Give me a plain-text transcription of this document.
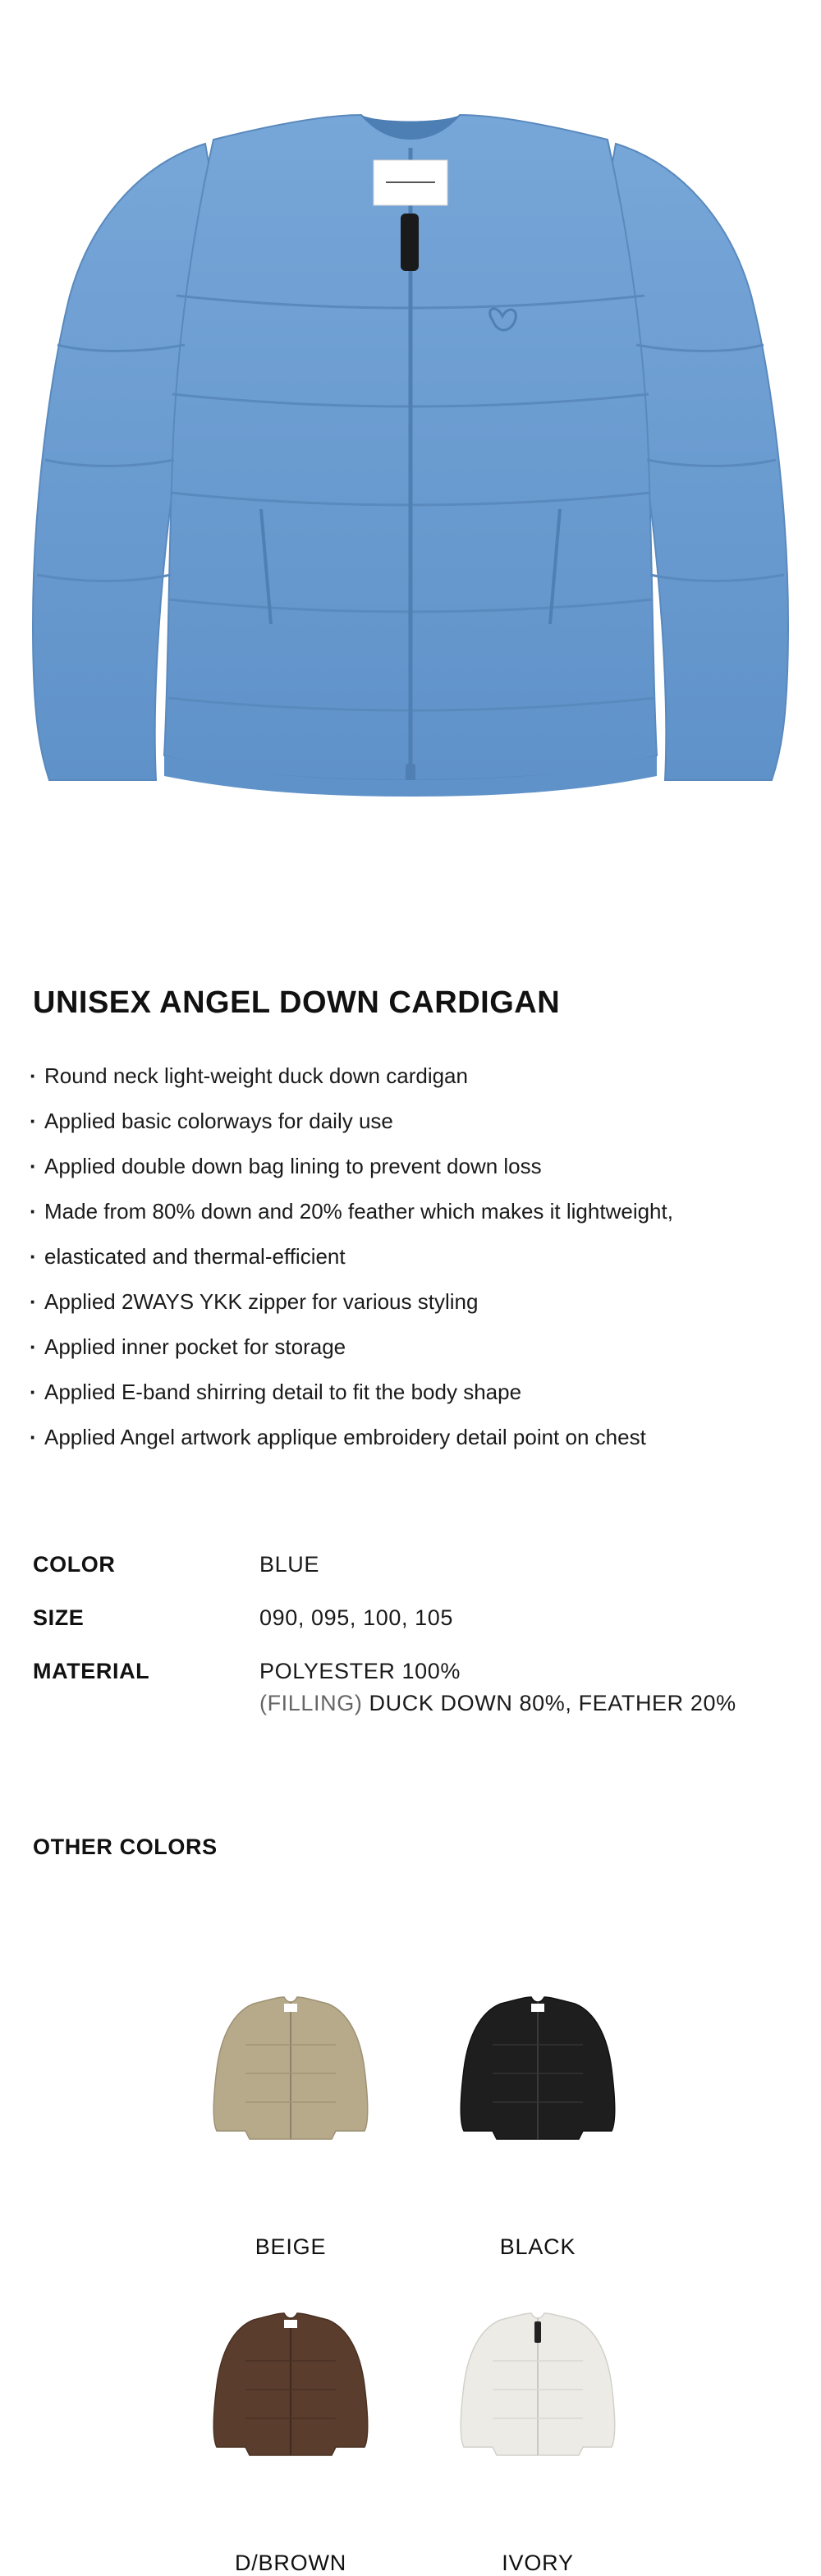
UNISEX ANGEL DOWN CARDIGAN
· Round neck light-weight duck down cardigan
· Applied basic colorways for daily use
· Applied double down bag lining to prevent down loss
· Made from 80% down and 20% feather which makes it lightweight,
· elasticated and thermal-efficient
· Applied 2WAYS YKK zipper for various styling
· Applied inner pocket for storage
· Applied E-band shirring detail to fit the body shape
· Applied Angel artwork applique embroidery detail point on chest
COLOR	BLUE
SIZE	090, 095, 100, 105
MATERIAL	POLYESTER 100%
(FILLING) DUCK DOWN 80%, FEATHER 20%
OTHER COLORS
BEIGE	BLACK
D/BROWN	IVORY
